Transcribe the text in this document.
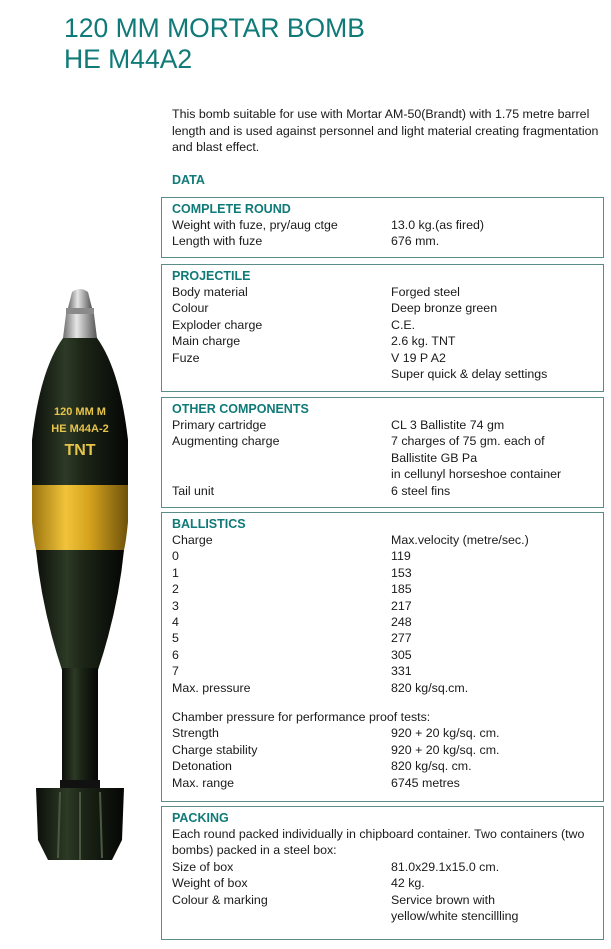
120 MM MORTAR BOMB
HE M44A2
This bomb suitable for use with Mortar AM-50(Brandt) with 1.75 metre barrel length and is used against personnel and light material creating fragmentation and blast effect.
DATA
120 MM M
HE M44A-2
TNT
COMPLETE ROUND
Weight with fuze, pry/aug ctge	13.0 kg.(as fired)
Length with fuze	676 mm.
PROJECTILE
Body material	Forged steel
Colour	Deep bronze green
Exploder charge	C.E.
Main charge	2.6 kg. TNT
Fuze	V 19 P A2
Super quick & delay settings
OTHER COMPONENTS
Primary cartridge	CL 3 Ballistite 74 gm
Augmenting charge	7 charges of 75 gm. each of
Ballistite GB Pa
in cellunyl horseshoe container
Tail unit	6 steel fins
BALLISTICS
Charge	Max.velocity (metre/sec.)
0	119
1	153
2	185
3	217
4	248
5	277
6	305
7	331
Max. pressure	820 kg/sq.cm.
Chamber pressure for performance proof tests:
Strength	920 + 20 kg/sq. cm.
Charge stability	920 + 20 kg/sq. cm.
Detonation	820 kg/sq. cm.
Max. range	6745 metres
PACKING
Each round packed individually in chipboard container. Two containers (two bombs) packed in a steel box:
Size of box	81.0x29.1x15.0 cm.
Weight of box	42 kg.
Colour & marking	Service brown with
yellow/white stencillling
